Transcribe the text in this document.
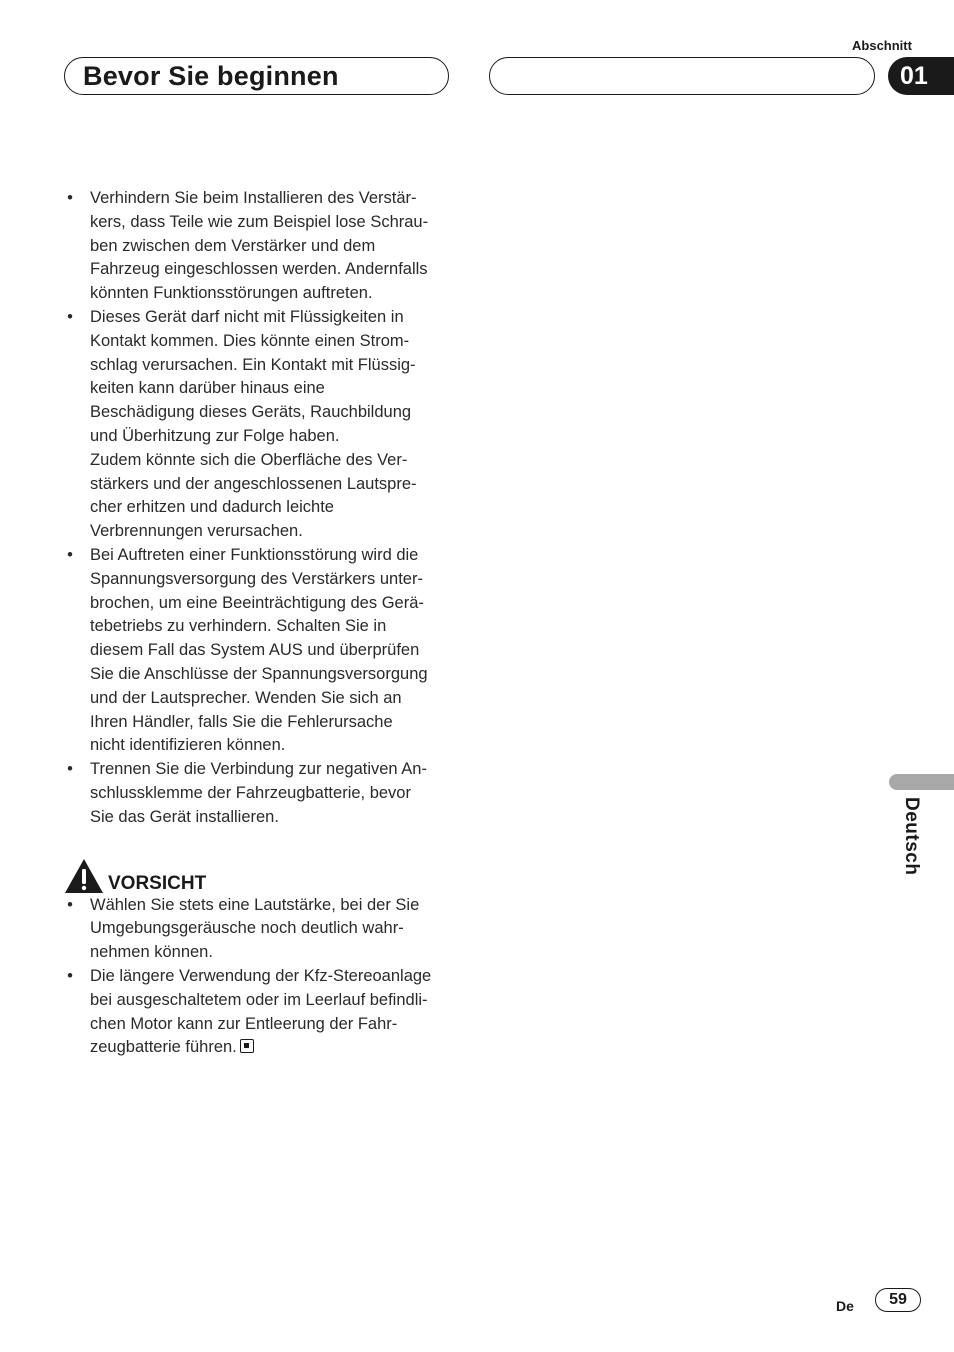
Abschnitt
Bevor Sie beginnen	01
Deutsch
• Verhindern Sie beim Installieren des Verstär-
kers, dass Teile wie zum Beispiel lose Schrau-
ben zwischen dem Verstärker und dem
Fahrzeug eingeschlossen werden. Andernfalls
könnten Funktionsstörungen auftreten.
• Dieses Gerät darf nicht mit Flüssigkeiten in
Kontakt kommen. Dies könnte einen Strom-
schlag verursachen. Ein Kontakt mit Flüssig-
keiten kann darüber hinaus eine
Beschädigung dieses Geräts, Rauchbildung
und Überhitzung zur Folge haben.
Zudem könnte sich die Oberfläche des Ver-
stärkers und der angeschlossenen Lautspre-
cher erhitzen und dadurch leichte
Verbrennungen verursachen.
• Bei Auftreten einer Funktionsstörung wird die
Spannungsversorgung des Verstärkers unter-
brochen, um eine Beeinträchtigung des Gerä-
tebetriebs zu verhindern. Schalten Sie in
diesem Fall das System AUS und überprüfen
Sie die Anschlüsse der Spannungsversorgung
und der Lautsprecher. Wenden Sie sich an
Ihren Händler, falls Sie die Fehlerursache
nicht identifizieren können.
• Trennen Sie die Verbindung zur negativen An-
schlussklemme der Fahrzeugbatterie, bevor
Sie das Gerät installieren.
VORSICHT
• Wählen Sie stets eine Lautstärke, bei der Sie
Umgebungsgeräusche noch deutlich wahr-
nehmen können.
• Die längere Verwendung der Kfz-Stereoanlage
bei ausgeschaltetem oder im Leerlauf befindli-
chen Motor kann zur Entleerung der Fahr-
zeugbatterie führen.
De	59
